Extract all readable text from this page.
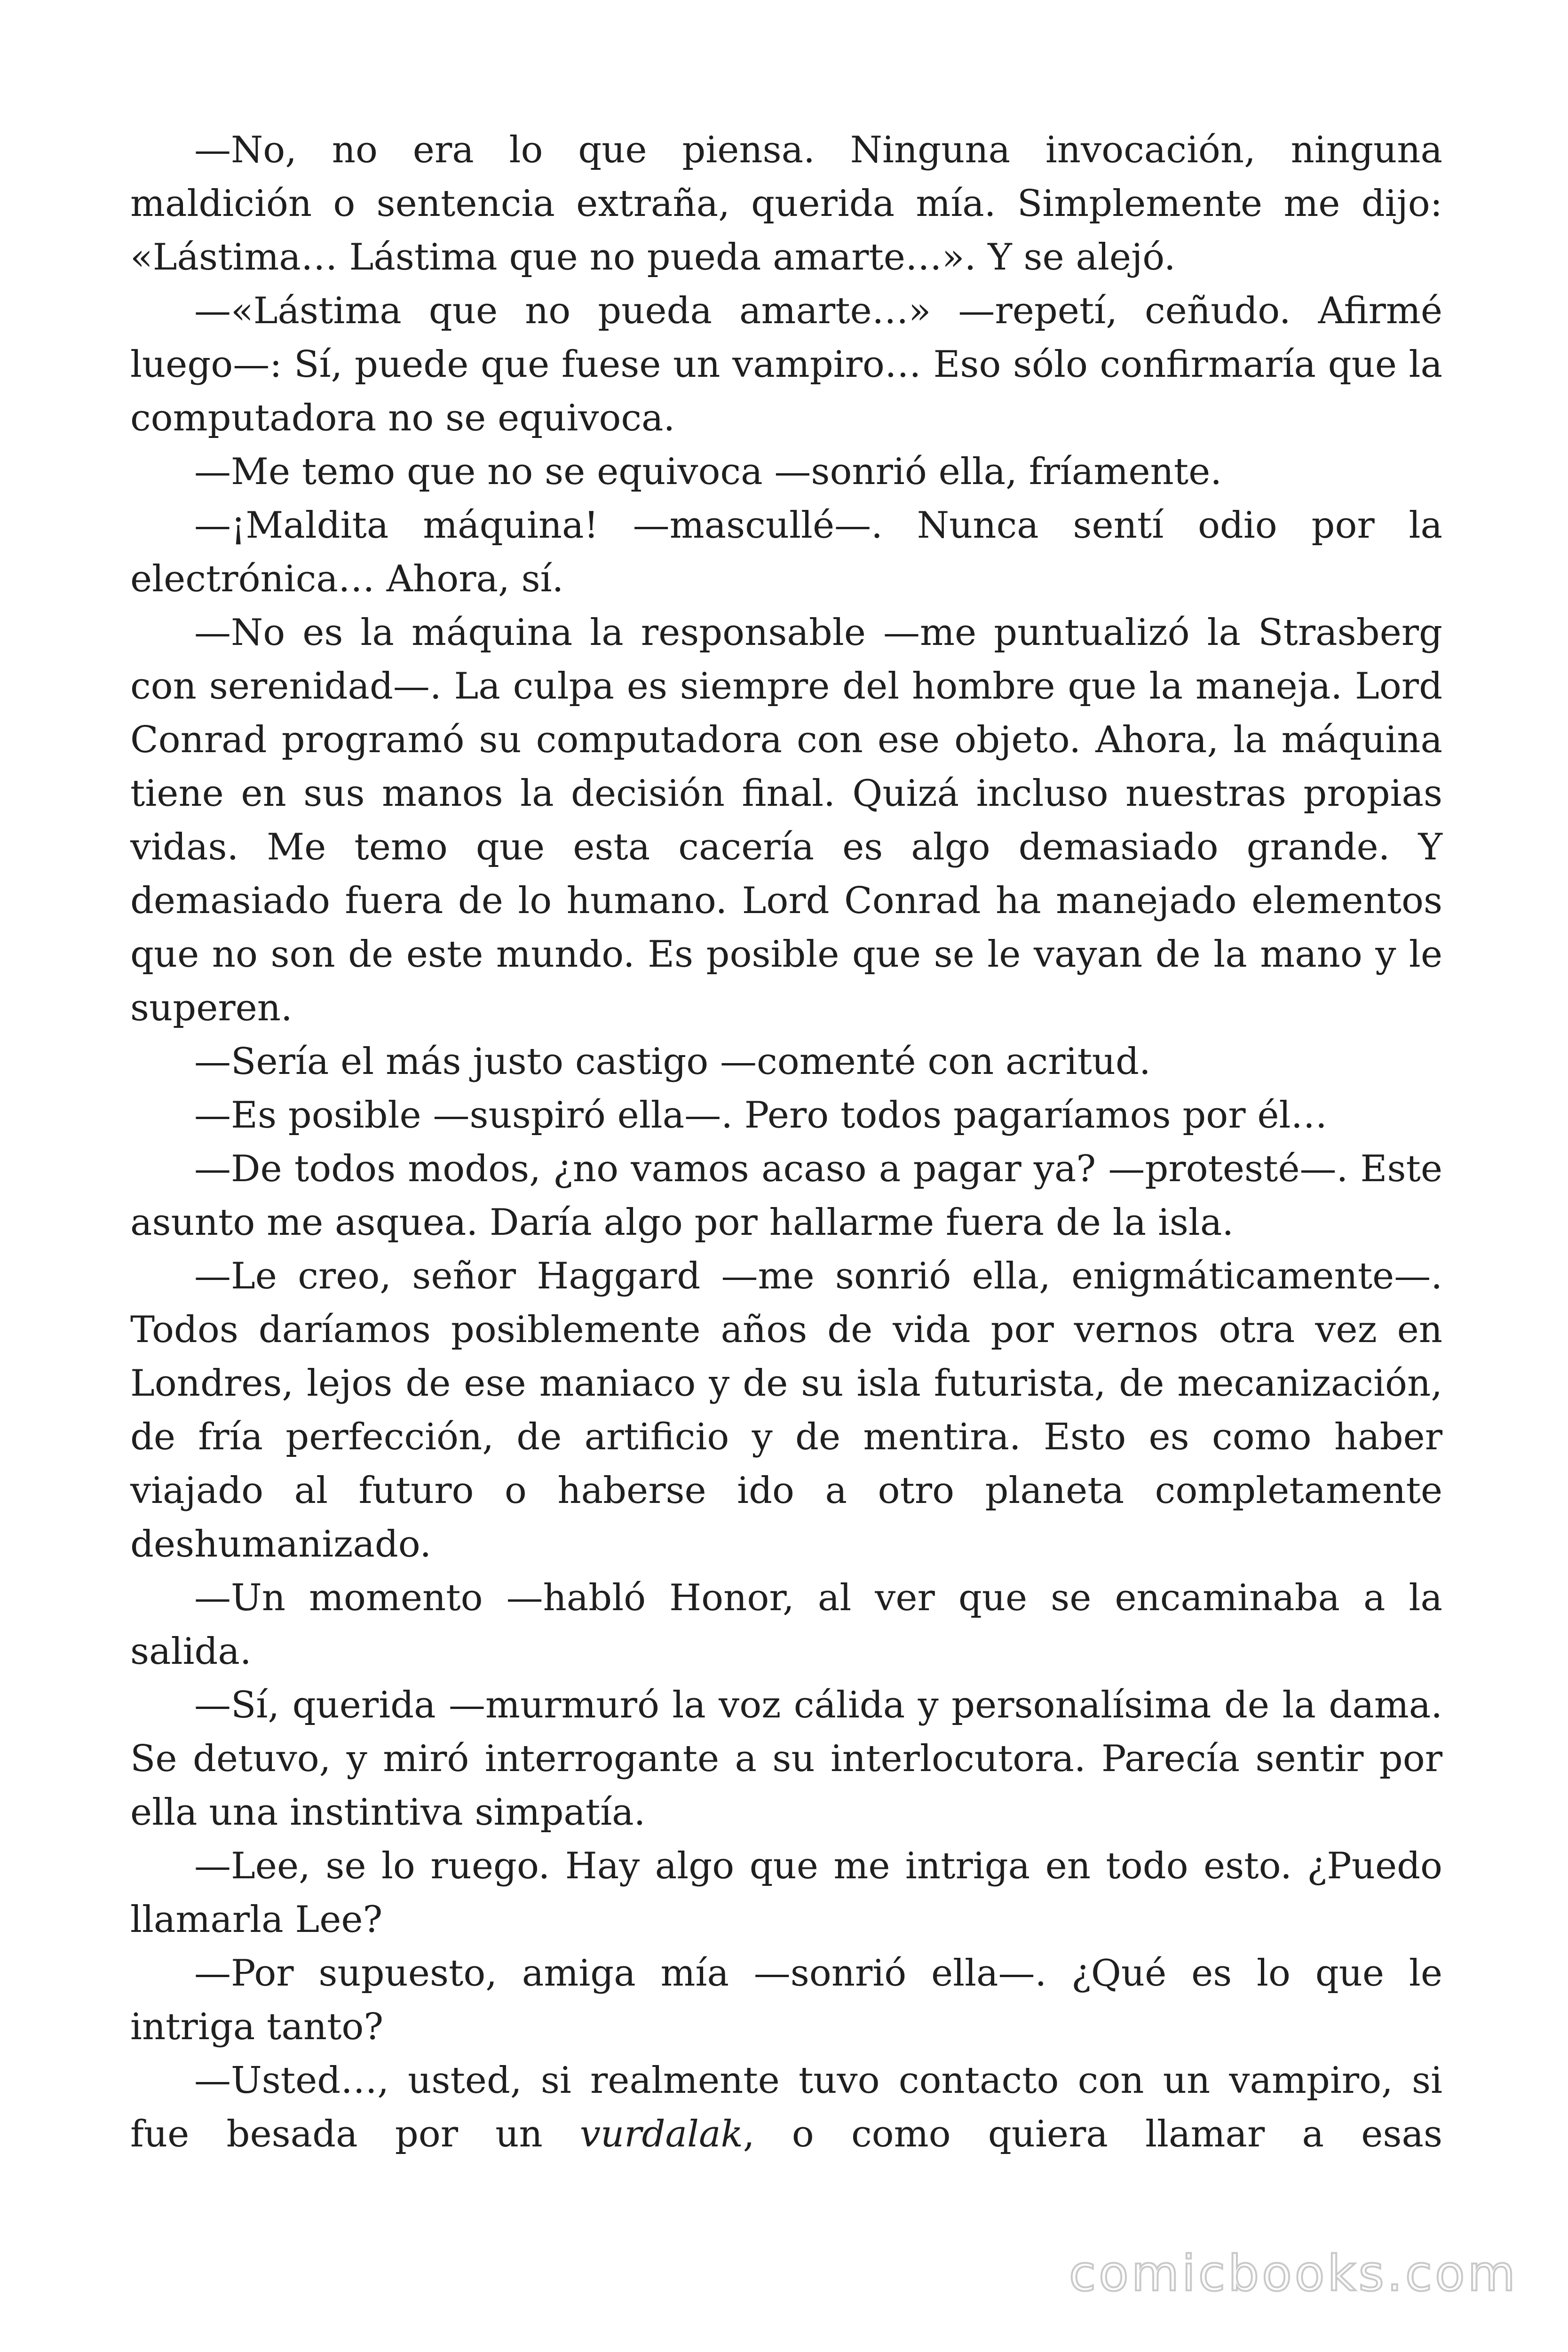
—No, no era lo que piensa. Ninguna invocación, ninguna maldición o sentencia extraña, querida mía. Simplemente me dijo: «Lástima… Lástima que no pueda amarte…». Y se alejó.

—«Lástima que no pueda amarte…» —repetí, ceñudo. Afirmé luego—: Sí, puede que fuese un vampiro… Eso sólo confirmaría que la computadora no se equivoca.

—Me temo que no se equivoca —sonrió ella, fríamente.

—¡Maldita máquina! —mascullé—. Nunca sentí odio por la electrónica… Ahora, sí.

—No es la máquina la responsable —me puntualizó la Strasberg con serenidad—. La culpa es siempre del hombre que la maneja. Lord Conrad programó su computadora con ese objeto. Ahora, la máquina tiene en sus manos la decisión final. Quizá incluso nuestras propias vidas. Me temo que esta cacería es algo demasiado grande. Y demasiado fuera de lo humano. Lord Conrad ha manejado elementos que no son de este mundo. Es posible que se le vayan de la mano y le superen.

—Sería el más justo castigo —comenté con acritud.

—Es posible —suspiró ella—. Pero todos pagaríamos por él…

—De todos modos, ¿no vamos acaso a pagar ya? —protesté—. Este asunto me asquea. Daría algo por hallarme fuera de la isla.

—Le creo, señor Haggard —me sonrió ella, enigmáticamente—. Todos daríamos posiblemente años de vida por vernos otra vez en Londres, lejos de ese maniaco y de su isla futurista, de mecanización, de fría perfección, de artificio y de mentira. Esto es como haber viajado al futuro o haberse ido a otro planeta completamente deshumanizado.

—Un momento —habló Honor, al ver que se encaminaba a la salida.

—Sí, querida —murmuró la voz cálida y personalísima de la dama. Se detuvo, y miró interrogante a su interlocutora. Parecía sentir por ella una instintiva simpatía.

—Lee, se lo ruego. Hay algo que me intriga en todo esto. ¿Puedo llamarla Lee?

—Por supuesto, amiga mía —sonrió ella—. ¿Qué es lo que le intriga tanto?

—Usted…, usted, si realmente tuvo contacto con un vampiro, si fue besada por un vurdalak, o como quiera llamar a esas

comicbooks.com
